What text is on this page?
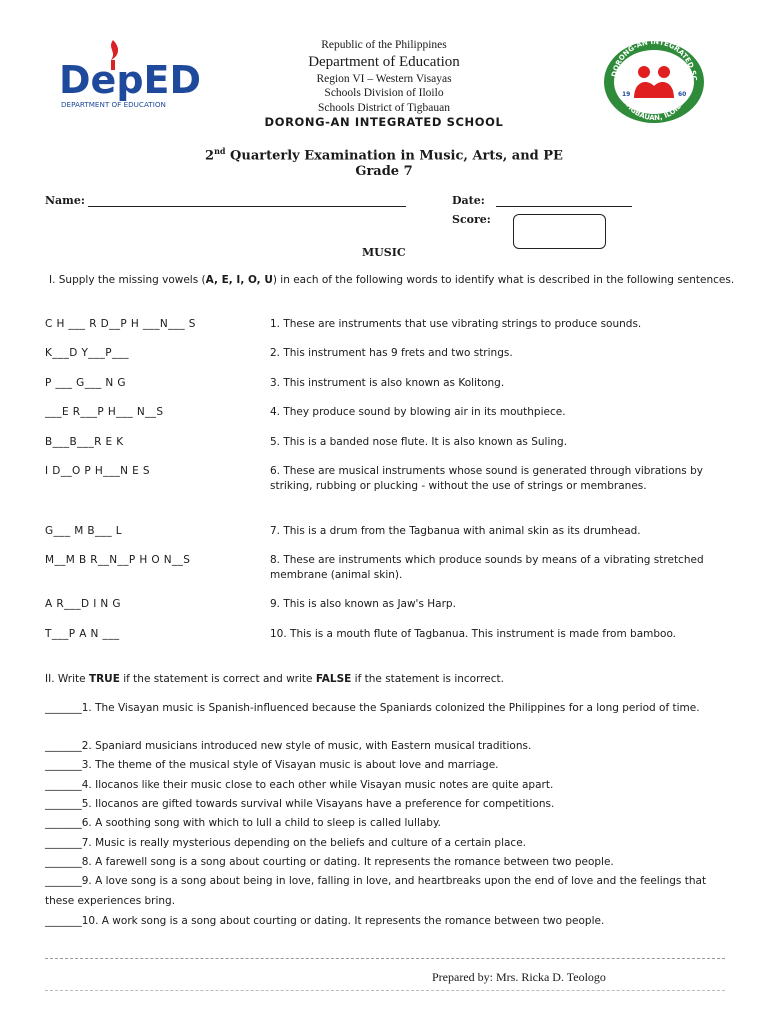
DepED
DEPARTMENT OF EDUCATION
Republic of the Philippines
Department of Education
Region VI – Western Visayas
Schools Division of Iloilo
Schools District of Tigbauan
DORONG-AN INTEGRATED SCHOOL
DORONG-AN INTEGRATED SC
TIGBAUAN, ILOILO
19	60
2nd Quarterly Examination in Music, Arts, and PE
Grade 7
Name:	Date:
Score:
MUSIC
I. Supply the missing vowels (A, E, I, O, U) in each of the following words to identify what is described in the following sentences.
C H ___ R D__P H ___N___ S	1. These are instruments that use vibrating strings to produce sounds.
K___D Y___P___	2. This instrument has 9 frets and two strings.
P ___ G___ N G	3. This instrument is also known as Kolitong.
___E R___P H___ N__S	4. They produce sound by blowing air in its mouthpiece.
B___B___R E K	5. This is a banded nose flute. It is also known as Suling.
I D__O P H___N E S	6. These are musical instruments whose sound is generated through vibrations by striking, rubbing or plucking - without the use of strings or membranes.
G___ M B___ L	7. This is a drum from the Tagbanua with animal skin as its drumhead.
M__M B R__N__P H O N__S	8. These are instruments which produce sounds by means of a vibrating stretched membrane (animal skin).
A R___D I N G	9. This is also known as Jaw's Harp.
T___P A N ___	10. This is a mouth flute of Tagbanua. This instrument is made from bamboo.
II. Write TRUE if the statement is correct and write FALSE if the statement is incorrect.
_______1. The Visayan music is Spanish-influenced because the Spaniards colonized the Philippines for a long period of time.
_______2. Spaniard musicians introduced new style of music, with Eastern musical traditions.
_______3. The theme of the musical style of Visayan music is about love and marriage.
_______4. Ilocanos like their music close to each other while Visayan music notes are quite apart.
_______5. Ilocanos are gifted towards survival while Visayans have a preference for competitions.
_______6. A soothing song with which to lull a child to sleep is called lullaby.
_______7. Music is really mysterious depending on the beliefs and culture of a certain place.
_______8. A farewell song is a song about courting or dating. It represents the romance between two people.
_______9. A love song is a song about being in love, falling in love, and heartbreaks upon the end of love and the feelings that these experiences bring.
_______10. A work song is a song about courting or dating. It represents the romance between two people.
Prepared by: Mrs. Ricka D. Teologo
